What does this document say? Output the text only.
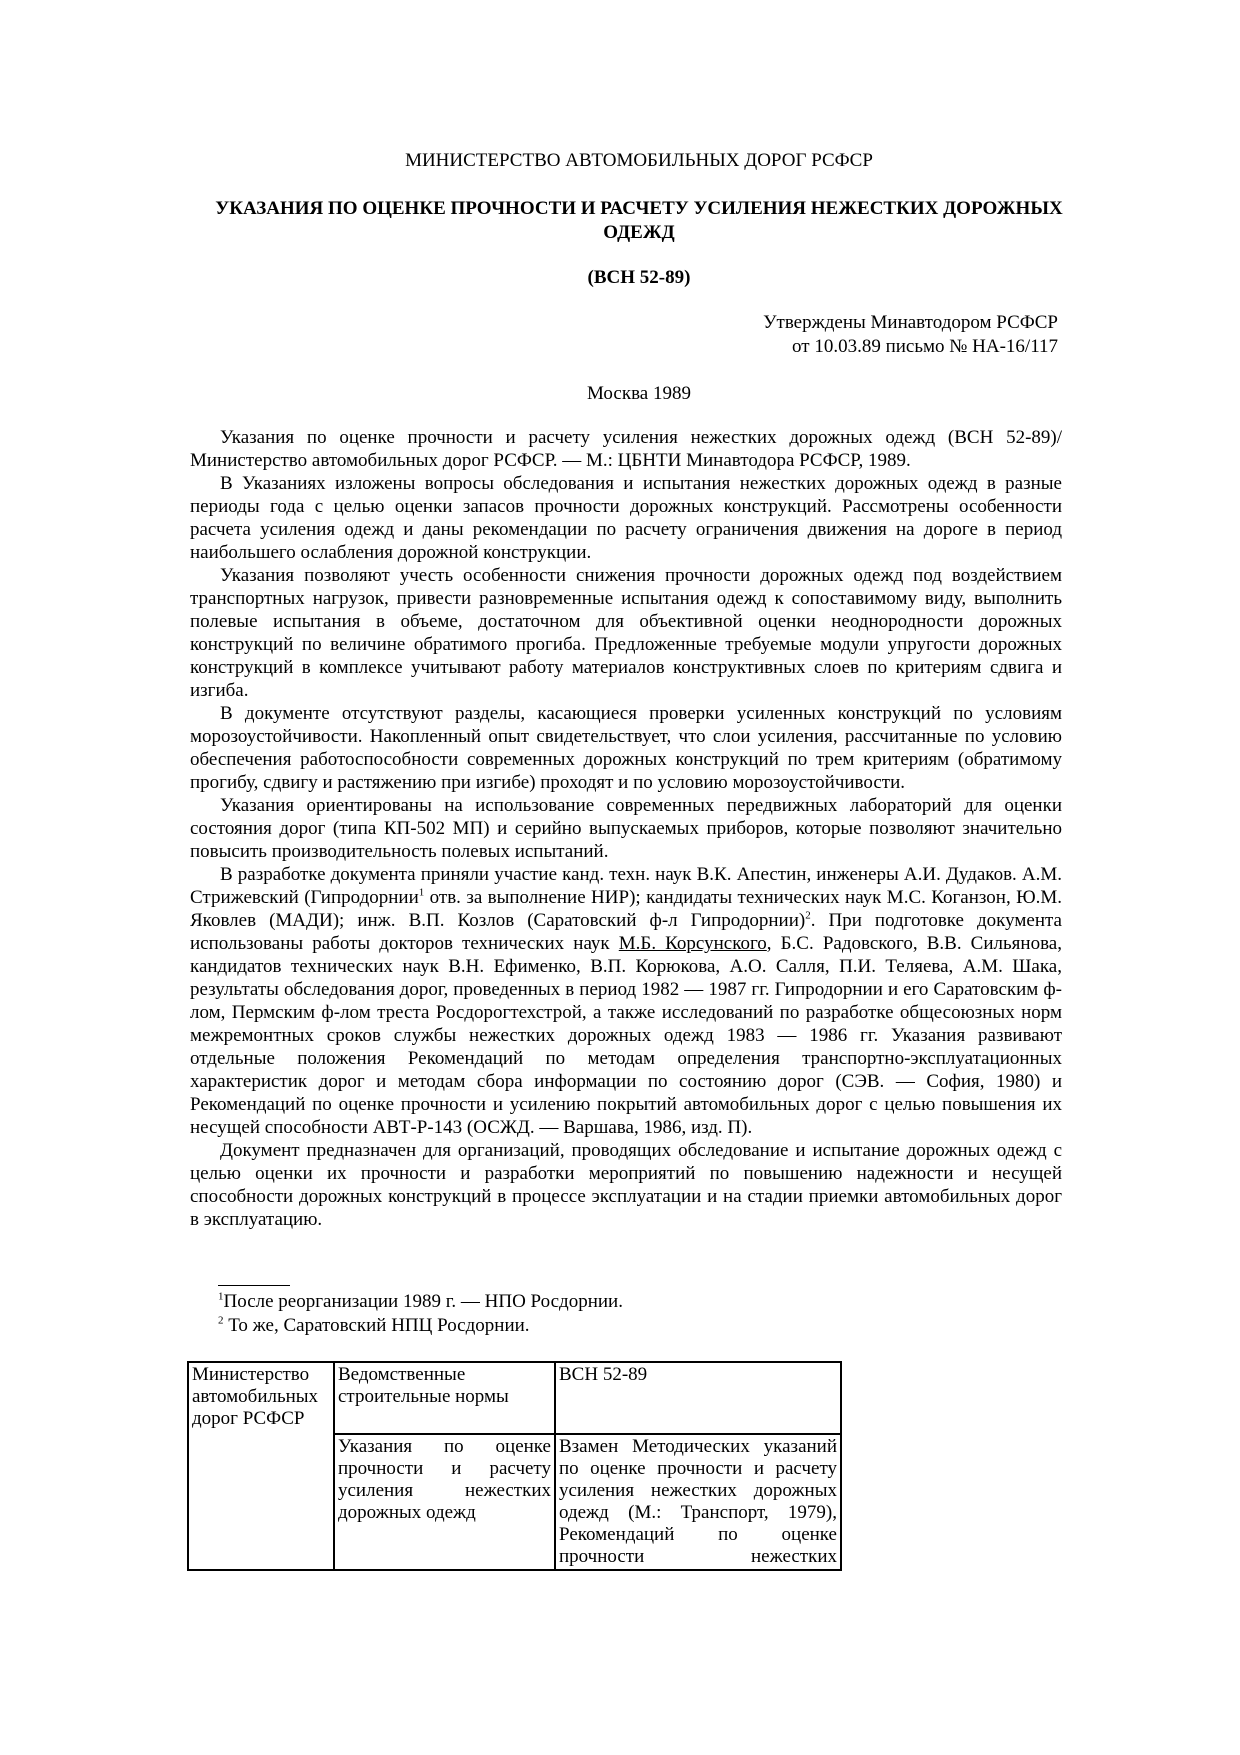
МИНИСТЕРСТВО АВТОМОБИЛЬНЫХ ДОРОГ РСФСР
УКАЗАНИЯ ПО ОЦЕНКЕ ПРОЧНОСТИ И РАСЧЕТУ УСИЛЕНИЯ НЕЖЕСТКИХ ДОРОЖНЫХ ОДЕЖД
(ВСН 52-89)
Утверждены Минавтодором РСФСР
от 10.03.89 письмо № НА-16/117
Москва 1989

Указания по оценке прочности и расчету усиления нежестких дорожных одежд (ВСН 52-89)/ Министерство автомобильных дорог РСФСР. — М.: ЦБНТИ Минавтодора РСФСР, 1989.

В Указаниях изложены вопросы обследования и испытания нежестких дорожных одежд в разные периоды года с целью оценки запасов прочности дорожных конструкций. Рассмотрены особенности расчета усиления одежд и даны рекомендации по расчету ограничения движения на дороге в период наибольшего ослабления дорожной конструкции.

Указания позволяют учесть особенности снижения прочности дорожных одежд под воздействием транспортных нагрузок, привести разновременные испытания одежд к сопоставимому виду, выполнить полевые испытания в объеме, достаточном для объективной оценки неоднородности дорожных конструкций по величине обратимого прогиба. Предложенные требуемые модули упругости дорожных конструкций в комплексе учитывают работу материалов конструктивных слоев по критериям сдвига и изгиба.

В документе отсутствуют разделы, касающиеся проверки усиленных конструкций по условиям морозоустойчивости. Накопленный опыт свидетельствует, что слои усиления, рассчитанные по условию обеспечения работоспособности современных дорожных конструкций по трем критериям (обратимому прогибу, сдвигу и растяжению при изгибе) проходят и по условию морозоустойчивости.

Указания ориентированы на использование современных передвижных лабораторий для оценки состояния дорог (типа КП-502 МП) и серийно выпускаемых приборов, которые позволяют значительно повысить производительность полевых испытаний.

В разработке документа приняли участие канд. техн. наук В.К. Апестин, инженеры А.И. Дудаков. А.М. Стрижевский (Гипродорнии$^1$ отв. за выполнение НИР); кандидаты технических наук М.С. Коганзон, Ю.М. Яковлев (МАДИ); инж. В.П. Козлов (Саратовский ф-л Гипродорнии)$^2$. При подготовке документа использованы работы докторов технических наук М.Б. Корсунского, Б.С. Радовского, В.В. Сильянова, кандидатов технических наук В.Н. Ефименко, В.П. Корюкова, А.О. Салля, П.И. Теляева, А.М. Шака, результаты обследования дорог, проведенных в период 1982 — 1987 гг. Гипродорнии и его Саратовским ф-лом, Пермским ф-лом треста Росдорогтехстрой, а также исследований по разработке общесоюзных норм межремонтных сроков службы нежестких дорожных одежд 1983 — 1986 гг. Указания развивают отдельные положения Рекомендаций по методам определения транспортно-эксплуатационных характеристик дорог и методам сбора информации по состоянию дорог (СЭВ. — София, 1980) и Рекомендаций по оценке прочности и усилению покрытий автомобильных дорог с целью повышения их несущей способности АВТ-Р-143 (ОСЖД. — Варшава, 1986, изд. П).

Документ предназначен для организаций, проводящих обследование и испытание дорожных одежд с целью оценки их прочности и разработки мероприятий по повышению надежности и несущей способности дорожных конструкций в процессе эксплуатации и на стадии приемки автомобильных дорог в эксплуатацию.

$^1$После реорганизации 1989 г. — НПО Росдорнии.
$^2$ То же, Саратовский НПЦ Росдорнии.
Министерство автомобильных дорог РСФСР	Ведомственные строительные нормы	ВСН 52-89
	Указания по оценке прочности и расчету усиления нежестких дорожных одежд	Взамен Методических указаний по оценке прочности и расчету усиления нежестких дорожных одежд (М.: Транспорт, 1979), Рекомендаций по оценке прочности нежестких
